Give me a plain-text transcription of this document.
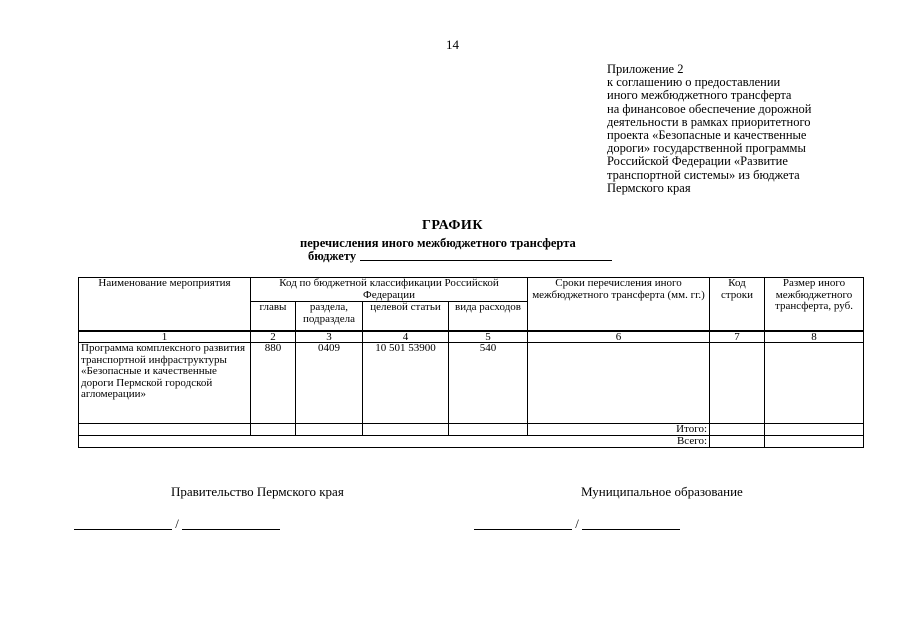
14
Приложение 2
к соглашению о предоставлении
иного межбюджетного трансферта
на финансовое обеспечение дорожной
деятельности в рамках приоритетного
проекта «Безопасные и качественные
дороги» государственной программы
Российской Федерации «Развитие
транспортной системы» из бюджета
Пермского края
ГРАФИК
перечисления иного межбюджетного трансферта
бюджету
Наименование мероприятия	Код по бюджетной классификации Российской Федерации				Сроки перечисления иного межбюджетного трансферта (мм. гг.)	Код строки	Размер иного межбюджетного трансферта, руб.
	главы	раздела, подраздела	целевой статьи	вида расходов			
1	2	3	4	5	6	7	8
Программа комплексного развития транспортной инфраструктуры «Безопасные и качественные дороги Пермской городской агломерации»	880	0409	10 501 53900	540			
					Итого:		
Всего:							
Правительство Пермского края	Муниципальное образование
/	/
